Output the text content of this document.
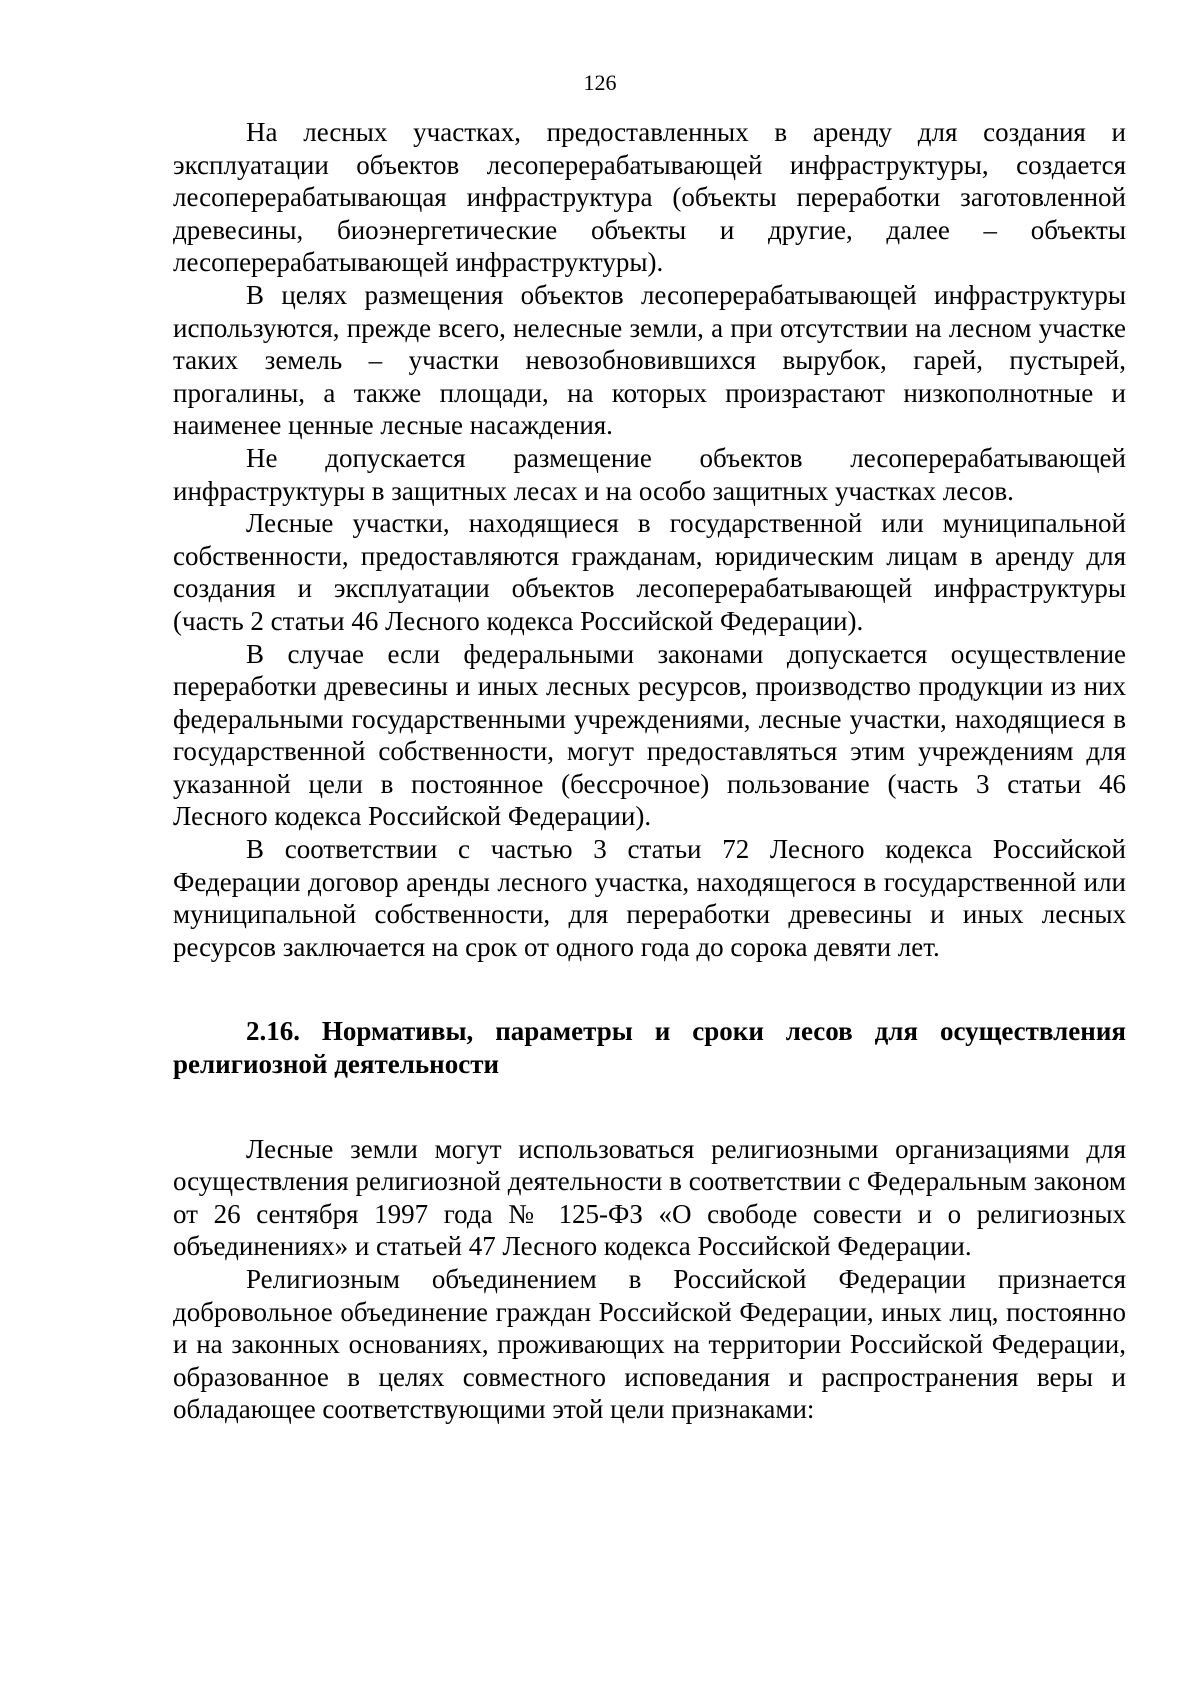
126

На лесных участках, предоставленных в аренду для создания и эксплуатации объектов лесоперерабатывающей инфраструктуры, создается лесоперерабатывающая инфраструктура (объекты переработки заготовленной древесины, биоэнергетические объекты и другие, далее – объекты лесоперерабатывающей инфраструктуры).

В целях размещения объектов лесоперерабатывающей инфраструктуры используются, прежде всего, нелесные земли, а при отсутствии на лесном участке таких земель – участки невозобновившихся вырубок, гарей, пустырей, прогалины, а также площади, на которых произрастают низкополнотные и наименее ценные лесные насаждения.

Не допускается размещение объектов лесоперерабатывающей инфраструктуры в защитных лесах и на особо защитных участках лесов.

Лесные участки, находящиеся в государственной или муниципальной собственности, предоставляются гражданам, юридическим лицам в аренду для создания и эксплуатации объектов лесоперерабатывающей инфраструктуры (часть 2 статьи 46 Лесного кодекса Российской Федерации).

В случае если федеральными законами допускается осуществление переработки древесины и иных лесных ресурсов, производство продукции из них федеральными государственными учреждениями, лесные участки, находящиеся в государственной собственности, могут предоставляться этим учреждениям для указанной цели в постоянное (бессрочное) пользование (часть 3 статьи 46 Лесного кодекса Российской Федерации).

В соответствии с частью 3 статьи 72 Лесного кодекса Российской Федерации договор аренды лесного участка, находящегося в государственной или муниципальной собственности, для переработки древесины и иных лесных ресурсов заключается на срок от одного года до сорока девяти лет.

2.16. Нормативы, параметры и сроки лесов для осуществления религиозной деятельности

Лесные земли могут использоваться религиозными организациями для осуществления религиозной деятельности в соответствии с Федеральным законом от 26 сентября 1997 года № 125-ФЗ «О свободе совести и о религиозных объединениях» и статьей 47 Лесного кодекса Российской Федерации.

Религиозным объединением в Российской Федерации признается добровольное объединение граждан Российской Федерации, иных лиц, постоянно и на законных основаниях, проживающих на территории Российской Федерации, образованное в целях совместного исповедания и распространения веры и обладающее соответствующими этой цели признаками:
